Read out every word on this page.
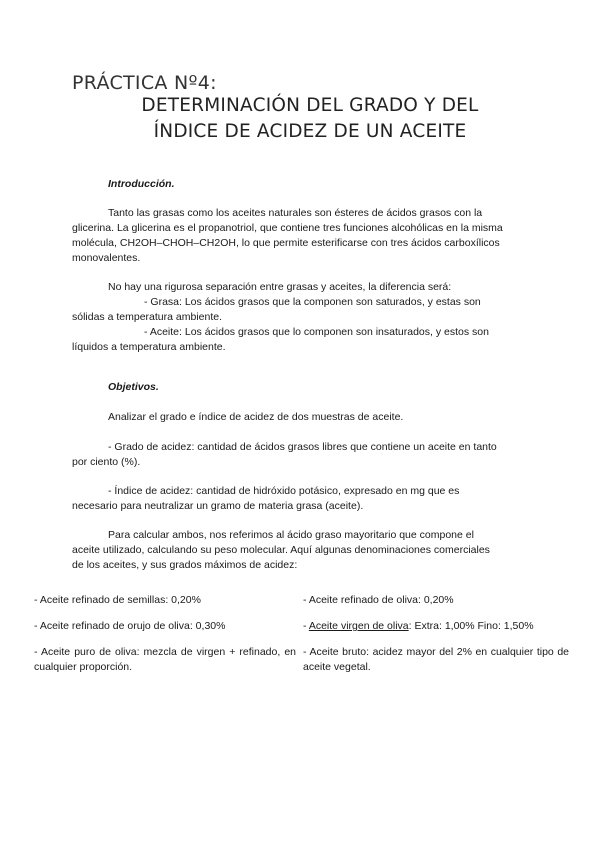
PRÁCTICA Nº4:
DETERMINACIÓN DEL GRADO Y DEL
ÍNDICE DE ACIDEZ DE UN ACEITE
Introducción.

Tanto las grasas como los aceites naturales son ésteres de ácidos grasos con la

glicerina. La glicerina es el propanotriol, que contiene tres funciones alcohólicas en la misma

molécula, CH2OH–CHOH–CH2OH, lo que permite esterificarse con tres ácidos carboxílicos

monovalentes.

No hay una rigurosa separación entre grasas y aceites, la diferencia será:

- Grasa: Los ácidos grasos que la componen son saturados, y estas son

sólidas a temperatura ambiente.

- Aceite: Los ácidos grasos que lo componen son insaturados, y estos son

líquidos a temperatura ambiente.

Objetivos.

Analizar el grado e índice de acidez de dos muestras de aceite.

- Grado de acidez: cantidad de ácidos grasos libres que contiene un aceite en tanto

por ciento (%).

- Índice de acidez: cantidad de hidróxido potásico, expresado en mg que es

necesario para neutralizar un gramo de materia grasa (aceite).

Para calcular ambos, nos referimos al ácido graso mayoritario que compone el

aceite utilizado, calculando su peso molecular. Aquí algunas denominaciones comerciales

de los aceites, y sus grados máximos de acidez:

- Aceite refinado de semillas: 0,20%	- Aceite refinado de oliva: 0,20%
- Aceite refinado de orujo de oliva: 0,30%	- Aceite virgen de oliva: Extra: 1,00% Fino: 1,50%
- Aceite puro de oliva: mezcla de virgen + refinado, en cualquier proporción.
- Aceite bruto: acidez mayor del 2% en cualquier tipo de aceite vegetal.
